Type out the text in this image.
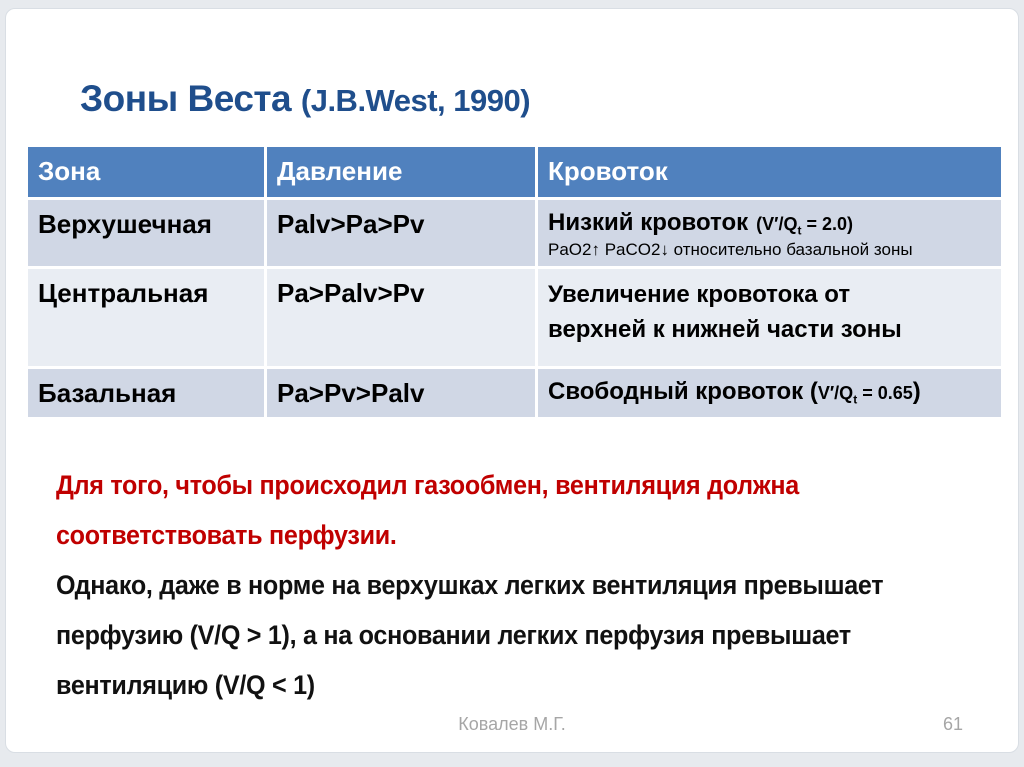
Зоны Веста (J.B.West, 1990)
Зона	Давление	Кровоток
Верхушечная	Palv>Pa>Pv	Низкий кровоток $(V'/Q_t = 2.0)$
PaO2↑ PaCO2↓ относительно базальной зоны

Центральная	Pa>Palv>Pv	Увеличение кровотока от
верхней к нижней части зоны

Базальная	Pa>Pv>Palv	Свободный кровоток $(V'/Q_t = 0.65)$
Для того, чтобы происходил газообмен, вентиляция должна
соответствовать перфузии.
Однако, даже в норме на верхушках легких вентиляция превышает
перфузию (V/Q > 1), а на основании легких перфузия превышает
вентиляцию (V/Q < 1)
Ковалев М.Г.	61
